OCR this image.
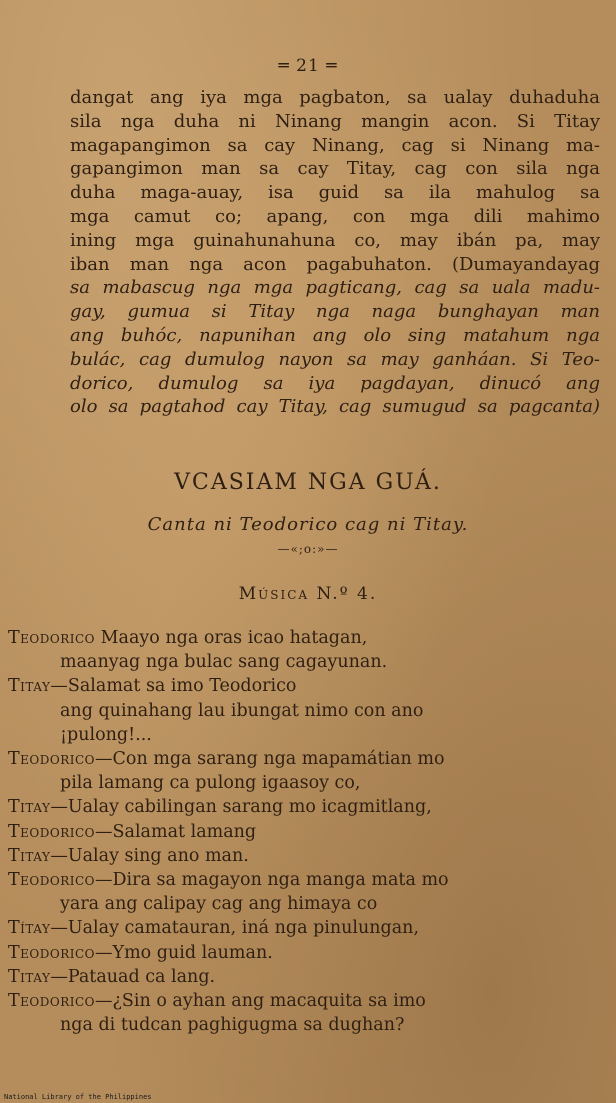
═ 21 ═
dangat ang iya mga pagbaton, sa ualay duhaduha
sila nga duha ni Ninang mangin acon. Si Titay
magapangimon sa cay Ninang, cag si Ninang ma-
gapangimon man sa cay Titay, cag con sila nga
duha maga-auay, isa guid sa ila mahulog sa
mga camut co; apang, con mga dili mahimo
ining mga guinahunahuna co, may ibán pa, may
iban man nga acon pagabuhaton. (Dumayandayag
sa mabascug nga mga pagticang, cag sa uala madu-
gay, gumua si Titay nga naga bunghayan man
ang buhóc, napunihan ang olo sing matahum nga
bulác, cag dumulog nayon sa may ganháan. Si Teo-
dorico, dumulog sa iya pagdayan, dinucó ang
olo sa pagtahod cay Titay, cag sumugud sa pagcanta)
VCASIAM NGA GUÁ.
Canta ni Teodorico cag ni Titay.
—«;o:»—
Música N.º 4.
Teodorico Maayo nga oras icao hatagan,
maanyag nga bulac sang cagayunan.
Titay—Salamat sa imo Teodorico
ang quinahang lau ibungat nimo con ano
¡pulong!...
Teodorico—Con mga sarang nga mapamátian mo
pila lamang ca pulong igaasoy co,
Titay—Ualay cabilingan sarang mo icagmitlang,
Teodorico—Salamat lamang
Titay—Ualay sing ano man.
Teodorico—Dira sa magayon nga manga mata mo
yara ang calipay cag ang himaya co
Títay—Ualay camatauran, iná nga pinulungan,
Teodorico—Ymo guid lauman.
Titay—Patauad ca lang.
Teodorico—¿Sin o ayhan ang macaquita sa imo
nga di tudcan paghigugma sa dughan?
National Library of the Philippines
